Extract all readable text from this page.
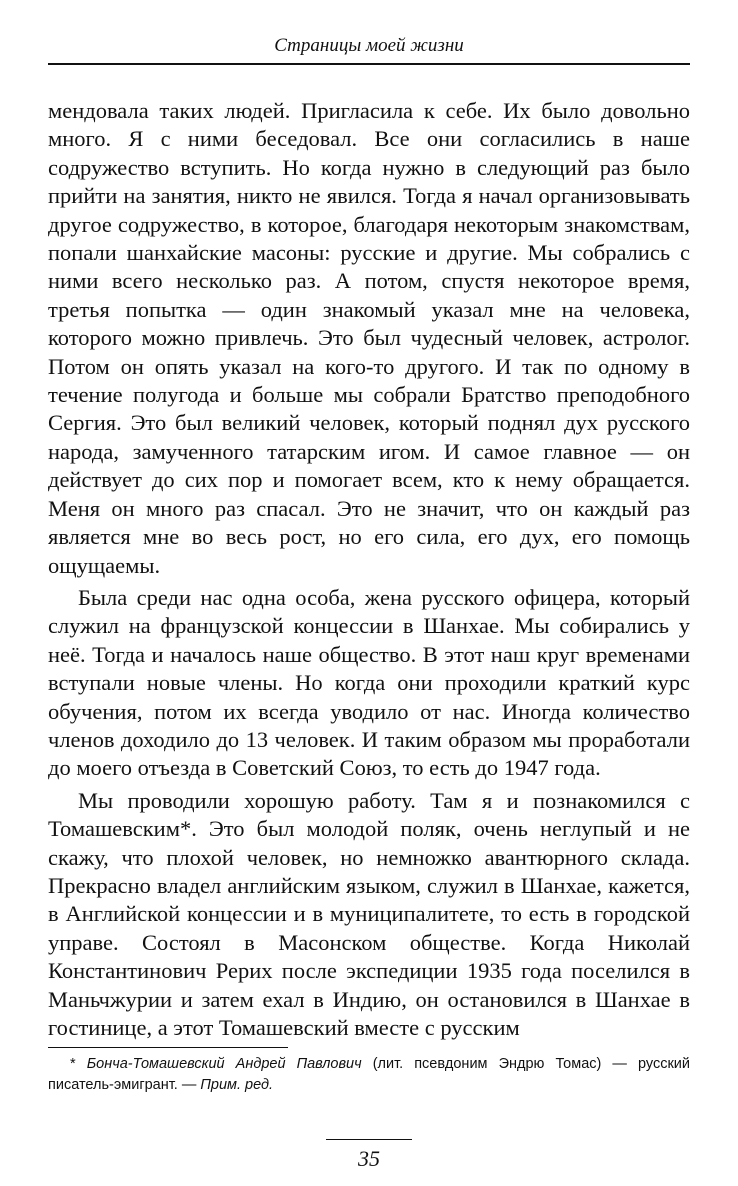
Страницы моей жизни

мендовала таких людей. Пригласила к себе. Их было довольно много. Я с ними беседовал. Все они согласились в наше содружество вступить. Но когда нужно в следующий раз было прийти на занятия, никто не явился. Тогда я начал организовывать другое содружество, в которое, благодаря некоторым знакомствам, попали шанхайские масоны: русские и другие. Мы собрались с ними всего несколько раз. А потом, спустя некоторое время, третья попытка — один знакомый указал мне на человека, которого можно привлечь. Это был чудесный человек, астролог. Потом он опять указал на кого-то другого. И так по одному в течение полугода и больше мы собрали Братство преподобного Сергия. Это был великий человек, который поднял дух русского народа, замученного татарским игом. И самое главное — он действует до сих пор и помогает всем, кто к нему обращается. Меня он много раз спасал. Это не значит, что он каждый раз является мне во весь рост, но его сила, его дух, его помощь ощущаемы.

Была среди нас одна особа, жена русского офицера, который служил на французской концессии в Шанхае. Мы собирались у неё. Тогда и началось наше общество. В этот наш круг временами вступали новые члены. Но когда они проходили краткий курс обучения, потом их всегда уводило от нас. Иногда количество членов доходило до 13 человек. И таким образом мы проработали до моего отъезда в Советский Союз, то есть до 1947 года.

Мы проводили хорошую работу. Там я и познакомился с Томашевским*. Это был молодой поляк, очень неглупый и не скажу, что плохой человек, но немножко авантюрного склада. Прекрасно владел английским языком, служил в Шанхае, кажется, в Английской концессии и в муниципалитете, то есть в городской управе. Состоял в Масонском обществе. Когда Николай Константинович Рерих после экспедиции 1935 года поселился в Маньчжурии и затем ехал в Индию, он остановился в Шанхае в гостинице, а этот Томашевский вместе с русским

* Бонча-Томашевский Андрей Павлович (лит. псевдоним Эндрю Томас) — русский писатель-эмигрант. — Прим. ред.
35
